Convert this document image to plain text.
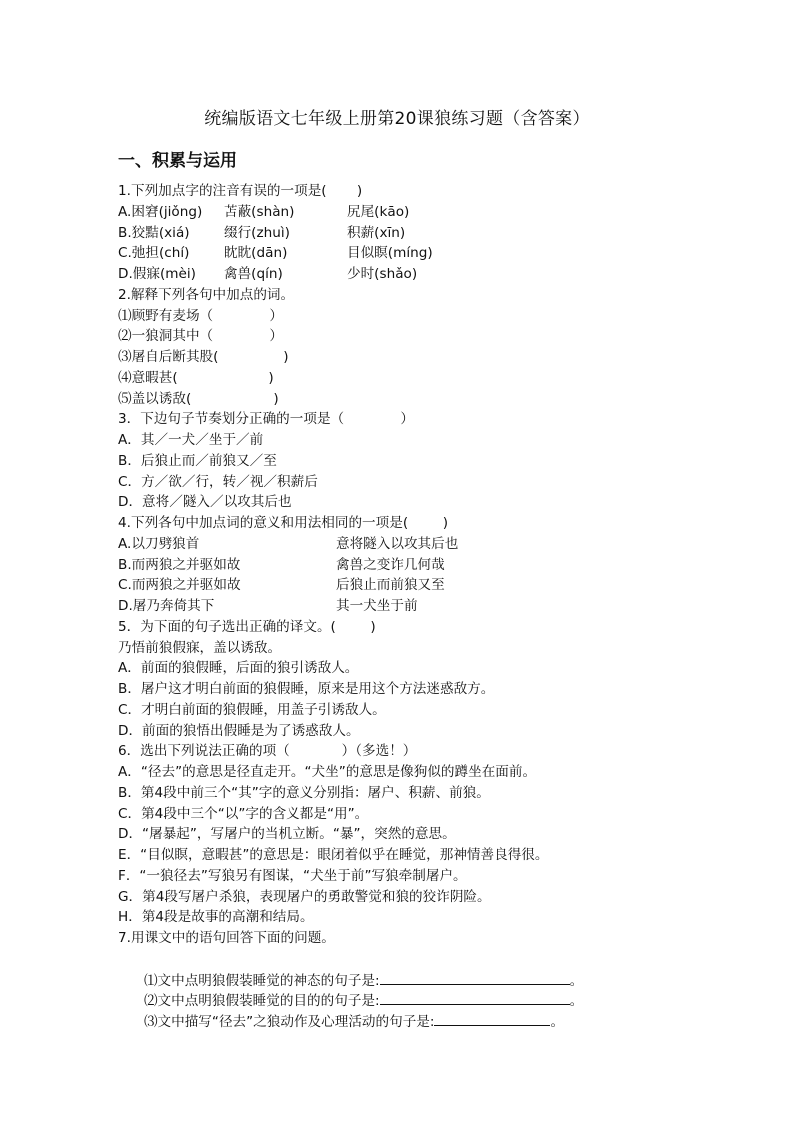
统编版语文七年级上册第20课狼练习题（含答案）
一、积累与运用
1.下列加点字的注音有误的一项是(       )
A.困窘(jiǒng)	苫蔽(shàn)	尻尾(kāo)
B.狡黠(xiá)	缀行(zhuì)	积薪(xīn)
C.弛担(chí)	眈眈(dān)	目似瞑(míng)
D.假寐(mèi)	禽兽(qín)	少时(shǎo)
2.解释下列各句中加点的词。
⑴顾野有麦场（             ）
⑵一狼洞其中（             ）
⑶屠自后断其股(               )
⑷意暇甚(                     )
⑸盖以诱敌(                   )
3．下边句子节奏划分正确的一项是（             ）
A．其／一犬／坐于／前
B．后狼止而／前狼又／至
C．方／欲／行，转／视／积薪后
D．意将／隧入／以攻其后也
4.下列各句中加点词的意义和用法相同的一项是(        )
A.以刀劈狼首	意将隧入以攻其后也
B.而两狼之并驱如故	禽兽之变诈几何哉
C.而两狼之并驱如故	后狼止而前狼又至
D.屠乃奔倚其下	其一犬坐于前
5．为下面的句子选出正确的译文。(        )
乃悟前狼假寐，盖以诱敌。
A．前面的狼假睡，后面的狼引诱敌人。
B．屠户这才明白前面的狼假睡，原来是用这个方法迷惑敌方。
C．才明白前面的狼假睡，用盖子引诱敌人。
D．前面的狼悟出假睡是为了诱惑敌人。
6．选出下列说法正确的项（            ）（多选！）
A．“径去”的意思是径直走开。“犬坐”的意思是像狗似的蹲坐在面前。
B．第4段中前三个“其”字的意义分别指：屠户、积薪、前狼。
C．第4段中三个“以”字的含义都是“用”。
D．“屠暴起”，写屠户的当机立断。“暴”，突然的意思。
E．“目似瞑，意暇甚”的意思是：眼闭着似乎在睡觉，那神情善良得很。
F．“一狼径去”写狼另有图谋，“犬坐于前”写狼牵制屠户。
G．第4段写屠户杀狼，表现屠户的勇敢警觉和狼的狡诈阴险。
H．第4段是故事的高潮和结局。
7.用课文中的语句回答下面的问题。

⑴文中点明狼假装睡觉的神态的句子是:	。

⑵文中点明狼假装睡觉的目的的句子是:	。

⑶文中描写“径去”之狼动作及心理活动的句子是:	。
